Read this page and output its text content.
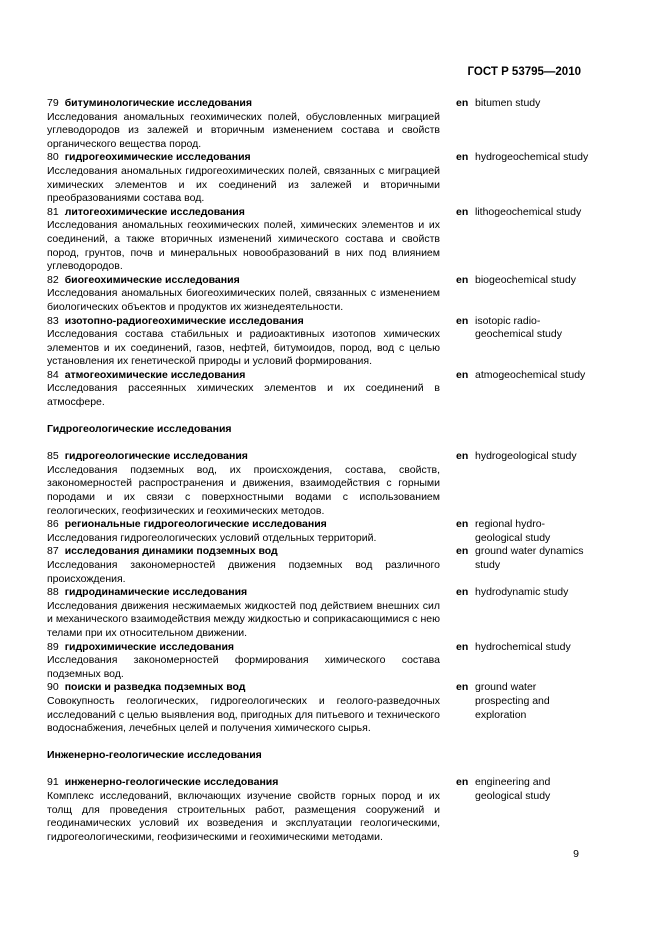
ГОСТ Р 53795—2010
79 битуминологические исследования
Исследования аномальных геохимических полей, обусловленных миграцией углеводородов из залежей и вторичным изменением состава и свойств органического вещества пород.
en bitumen study
80 гидрогеохимические исследования
Исследования аномальных гидрогеохимических полей, связанных с миграцией химических элементов и их соединений из залежей и вторичными преобразованиями состава вод.
en hydrogeochemical study
81 литогеохимические исследования
Исследования аномальных геохимических полей, химических элементов и их соединений, а также вторичных изменений химического состава и свойств пород, грунтов, почв и минеральных новообразований в них под влиянием углеводородов.
en lithogeochemical study
82 биогеохимические исследования
Исследования аномальных биогеохимических полей, связанных с изменением биологических объектов и продуктов их жизнедеятельности.
en biogeochemical study
83 изотопно-радиогеохимические исследования
Исследования состава стабильных и радиоактивных изотопов химических элементов и их соединений, газов, нефтей, битумоидов, пород, вод с целью установления их генетической природы и условий формирования.
en isotopic radio-geochemical study
84 атмогеохимические исследования
Исследования рассеянных химических элементов и их соединений в атмосфере.
en atmogeochemical study
Гидрогеологические исследования
85 гидрогеологические исследования
Исследования подземных вод, их происхождения, состава, свойств, закономерностей распространения и движения, взаимодействия с горными породами и их связи с поверхностными водами с использованием геологических, геофизических и геохимических методов.
en hydrogeological study
86 региональные гидрогеологические исследования
Исследования гидрогеологических условий отдельных территорий.
en regional hydro-geological study
87 исследования динамики подземных вод
Исследования закономерностей движения подземных вод различного происхождения.
en ground water dynamics study
88 гидродинамические исследования
Исследования движения несжимаемых жидкостей под действием внешних сил и механического взаимодействия между жидкостью и соприкасающимися с нею телами при их относительном движении.
en hydrodynamic study
89 гидрохимические исследования
Исследования закономерностей формирования химического состава подземных вод.
en hydrochemical study
90 поиски и разведка подземных вод
Совокупность геологических, гидрогеологических и геолого-разведочных исследований с целью выявления вод, пригодных для питьевого и технического водоснабжения, лечебных целей и получения химического сырья.
en ground water prospecting and exploration
Инженерно-геологические исследования
91 инженерно-геологические исследования
Комплекс исследований, включающих изучение свойств горных пород и их толщ для проведения строительных работ, размещения сооружений и геодинамических условий их возведения и эксплуатации геологическими, гидрогеологическими, геофизическими и геохимическими методами.
en engineering and geological study
9
